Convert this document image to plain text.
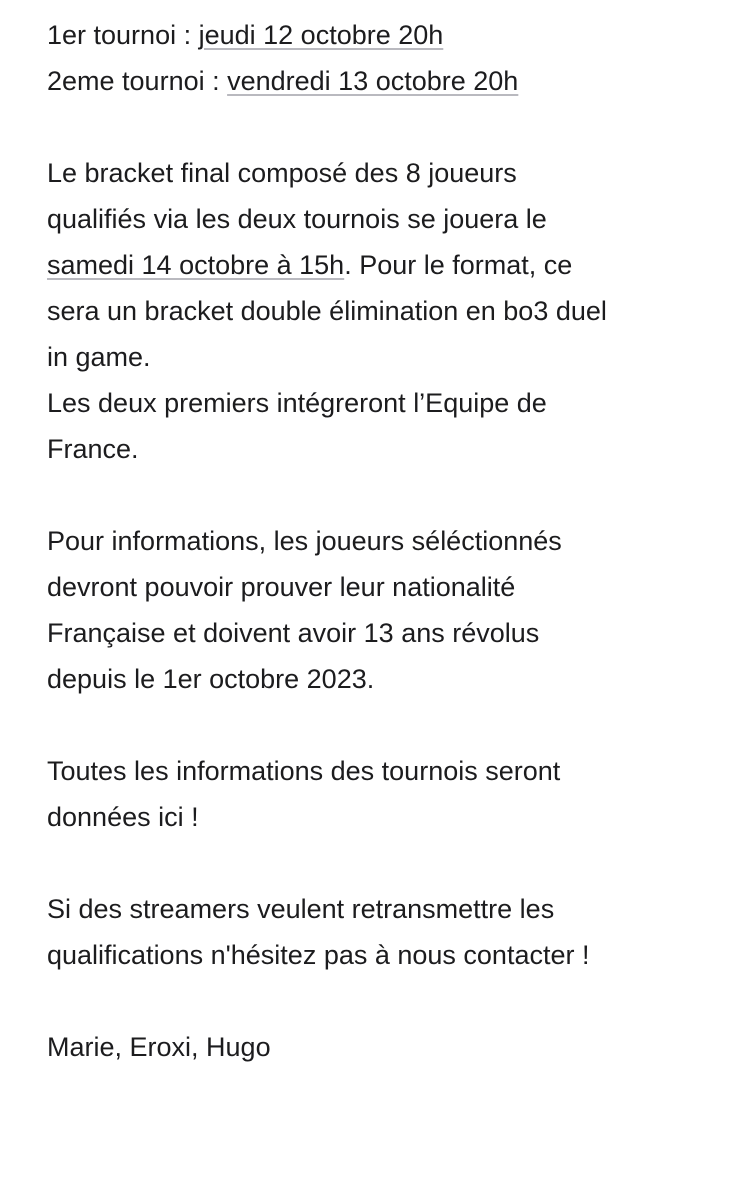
1er tournoi : jeudi 12 octobre 20h
2eme tournoi : vendredi 13 octobre 20h
Le bracket final composé des 8 joueurs
qualifiés via les deux tournois se jouera le
samedi 14 octobre à 15h. Pour le format, ce
sera un bracket double élimination en bo3 duel
in game.
Les deux premiers intégreront l’Equipe de
France.
Pour informations, les joueurs séléctionnés
devront pouvoir prouver leur nationalité
Française et doivent avoir 13 ans révolus
depuis le 1er octobre 2023.
Toutes les informations des tournois seront
données ici !
Si des streamers veulent retransmettre les
qualifications n'hésitez pas à nous contacter !
Marie, Eroxi, Hugo
